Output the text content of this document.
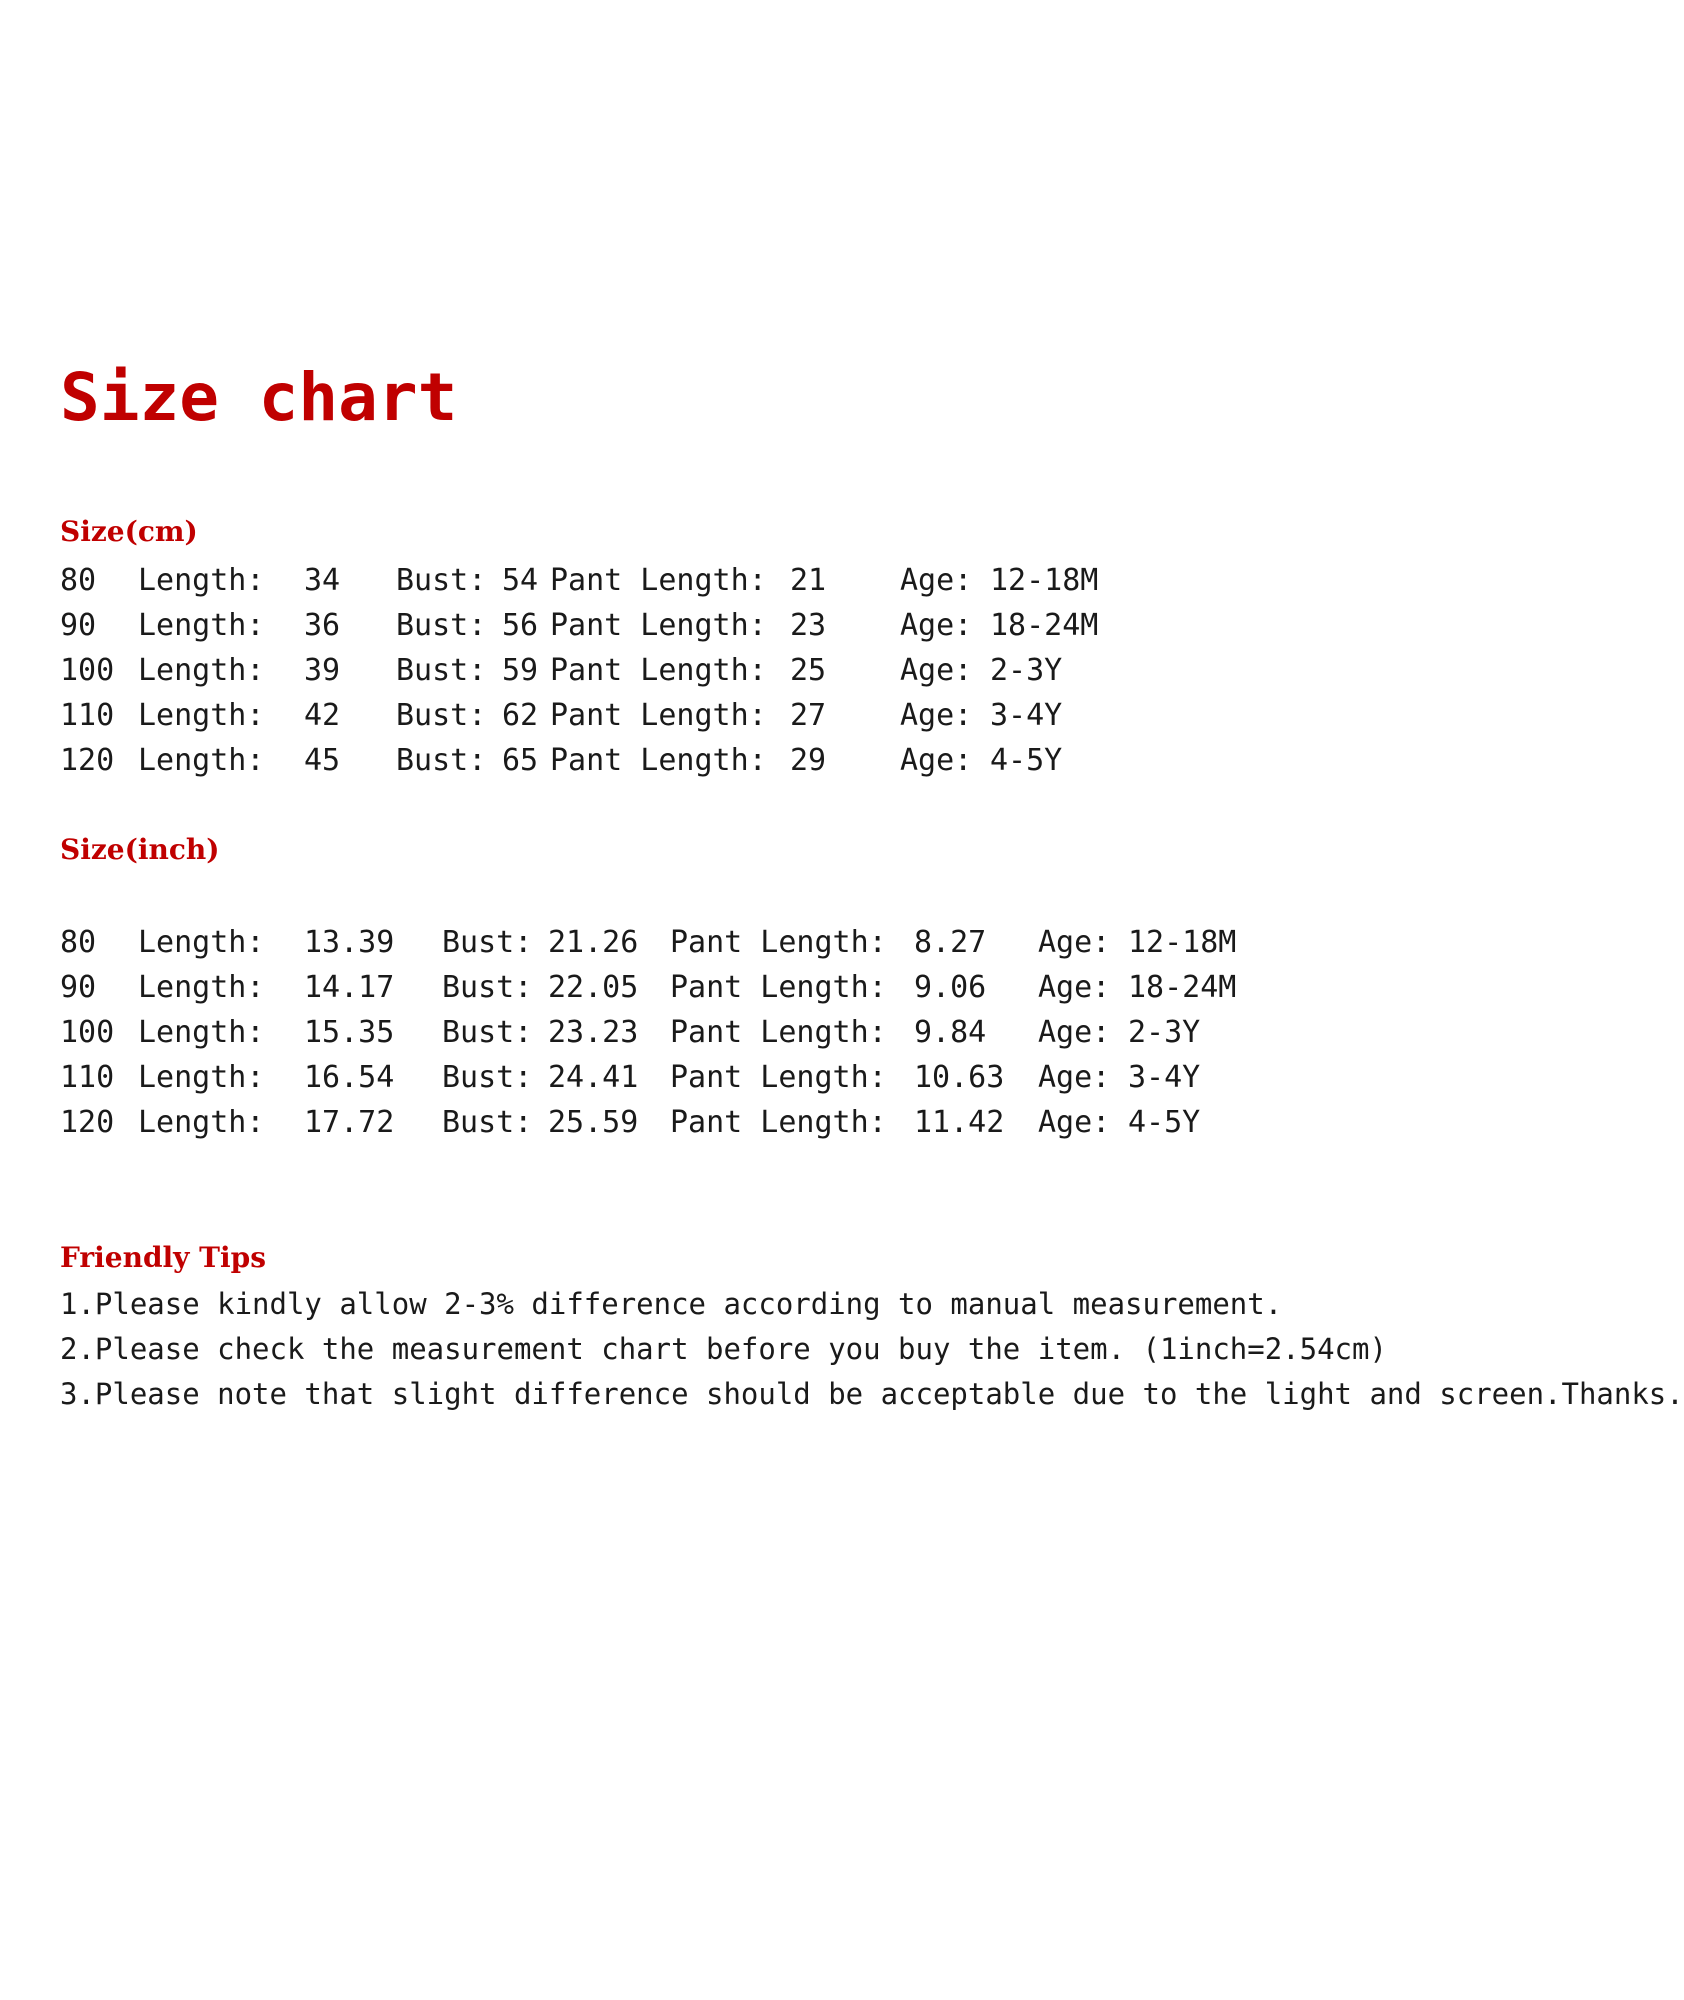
Size chart
Size(cm)
80 Length: 34 Bust: 54 Pant Length: 21 Age: 12-18M
90 Length: 36 Bust: 56 Pant Length: 23 Age: 18-24M
100 Length: 39 Bust: 59 Pant Length: 25 Age: 2-3Y
110 Length: 42 Bust: 62 Pant Length: 27 Age: 3-4Y
120 Length: 45 Bust: 65 Pant Length: 29 Age: 4-5Y
Size(inch)
80 Length: 13.39 Bust: 21.26 Pant Length: 8.27 Age: 12-18M
90 Length: 14.17 Bust: 22.05 Pant Length: 9.06 Age: 18-24M
100 Length: 15.35 Bust: 23.23 Pant Length: 9.84 Age: 2-3Y
110 Length: 16.54 Bust: 24.41 Pant Length: 10.63 Age: 3-4Y
120 Length: 17.72 Bust: 25.59 Pant Length: 11.42 Age: 4-5Y
Friendly Tips
1.Please kindly allow 2-3% difference according to manual measurement.
2.Please check the measurement chart before you buy the item. (1inch=2.54cm)
3.Please note that slight difference should be acceptable due to the light and screen.Thanks.
